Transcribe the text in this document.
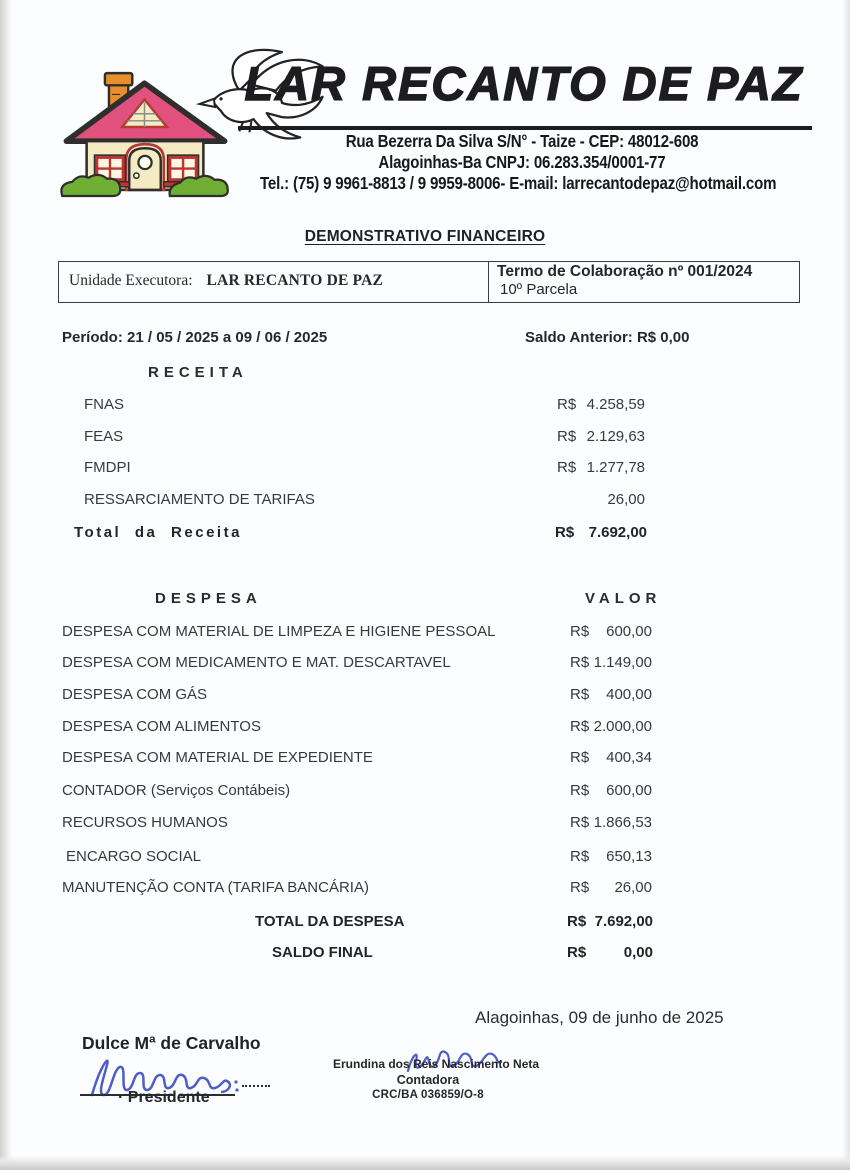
LAR RECANTO DE PAZ
Rua Bezerra Da Silva S/N° - Taize - CEP: 48012-608
Alagoinhas-Ba CNPJ: 06.283.354/0001-77
Tel.: (75) 9 9961-8813 / 9 9959-8006- E-mail: larrecantodepaz@hotmail.com
DEMONSTRATIVO FINANCEIRO
Unidade Executora: LAR RECANTO DE PAZ
Termo de Colaboração nº 001/2024
10º Parcela
Período: 21 / 05 / 2025 a 09 / 06 / 2025	Saldo Anterior: R$ 0,00
RECEITA
FNAS	R$ 4.258,59
FEAS	R$ 2.129,63
FMDPI	R$ 1.277,78
RESSARCIAMENTO DE TARIFAS	26,00
Total da Receita	R$ 7.692,00
DESPESA	VALOR
DESPESA COM MATERIAL DE LIMPEZA E HIGIENE PESSOAL	R$ 600,00
DESPESA COM MEDICAMENTO E MAT. DESCARTAVEL	R$ 1.149,00
DESPESA COM GÁS	R$ 400,00
DESPESA COM ALIMENTOS	R$ 2.000,00
DESPESA COM MATERIAL DE EXPEDIENTE	R$ 400,34
CONTADOR (Serviços Contábeis)	R$ 600,00
RECURSOS HUMANOS	R$ 1.866,53
ENCARGO SOCIAL	R$ 650,13
MANUTENÇÃO CONTA (TARIFA BANCÁRIA)	R$ 26,00
TOTAL DA DESPESA	R$ 7.692,00
SALDO FINAL	R$	0,00
Alagoinhas, 09 de junho de 2025
Dulce Mª de Carvalho
· Presidente
Erundina dos Reis Nascimento Neta
Contadora
CRC/BA 036859/O-8
